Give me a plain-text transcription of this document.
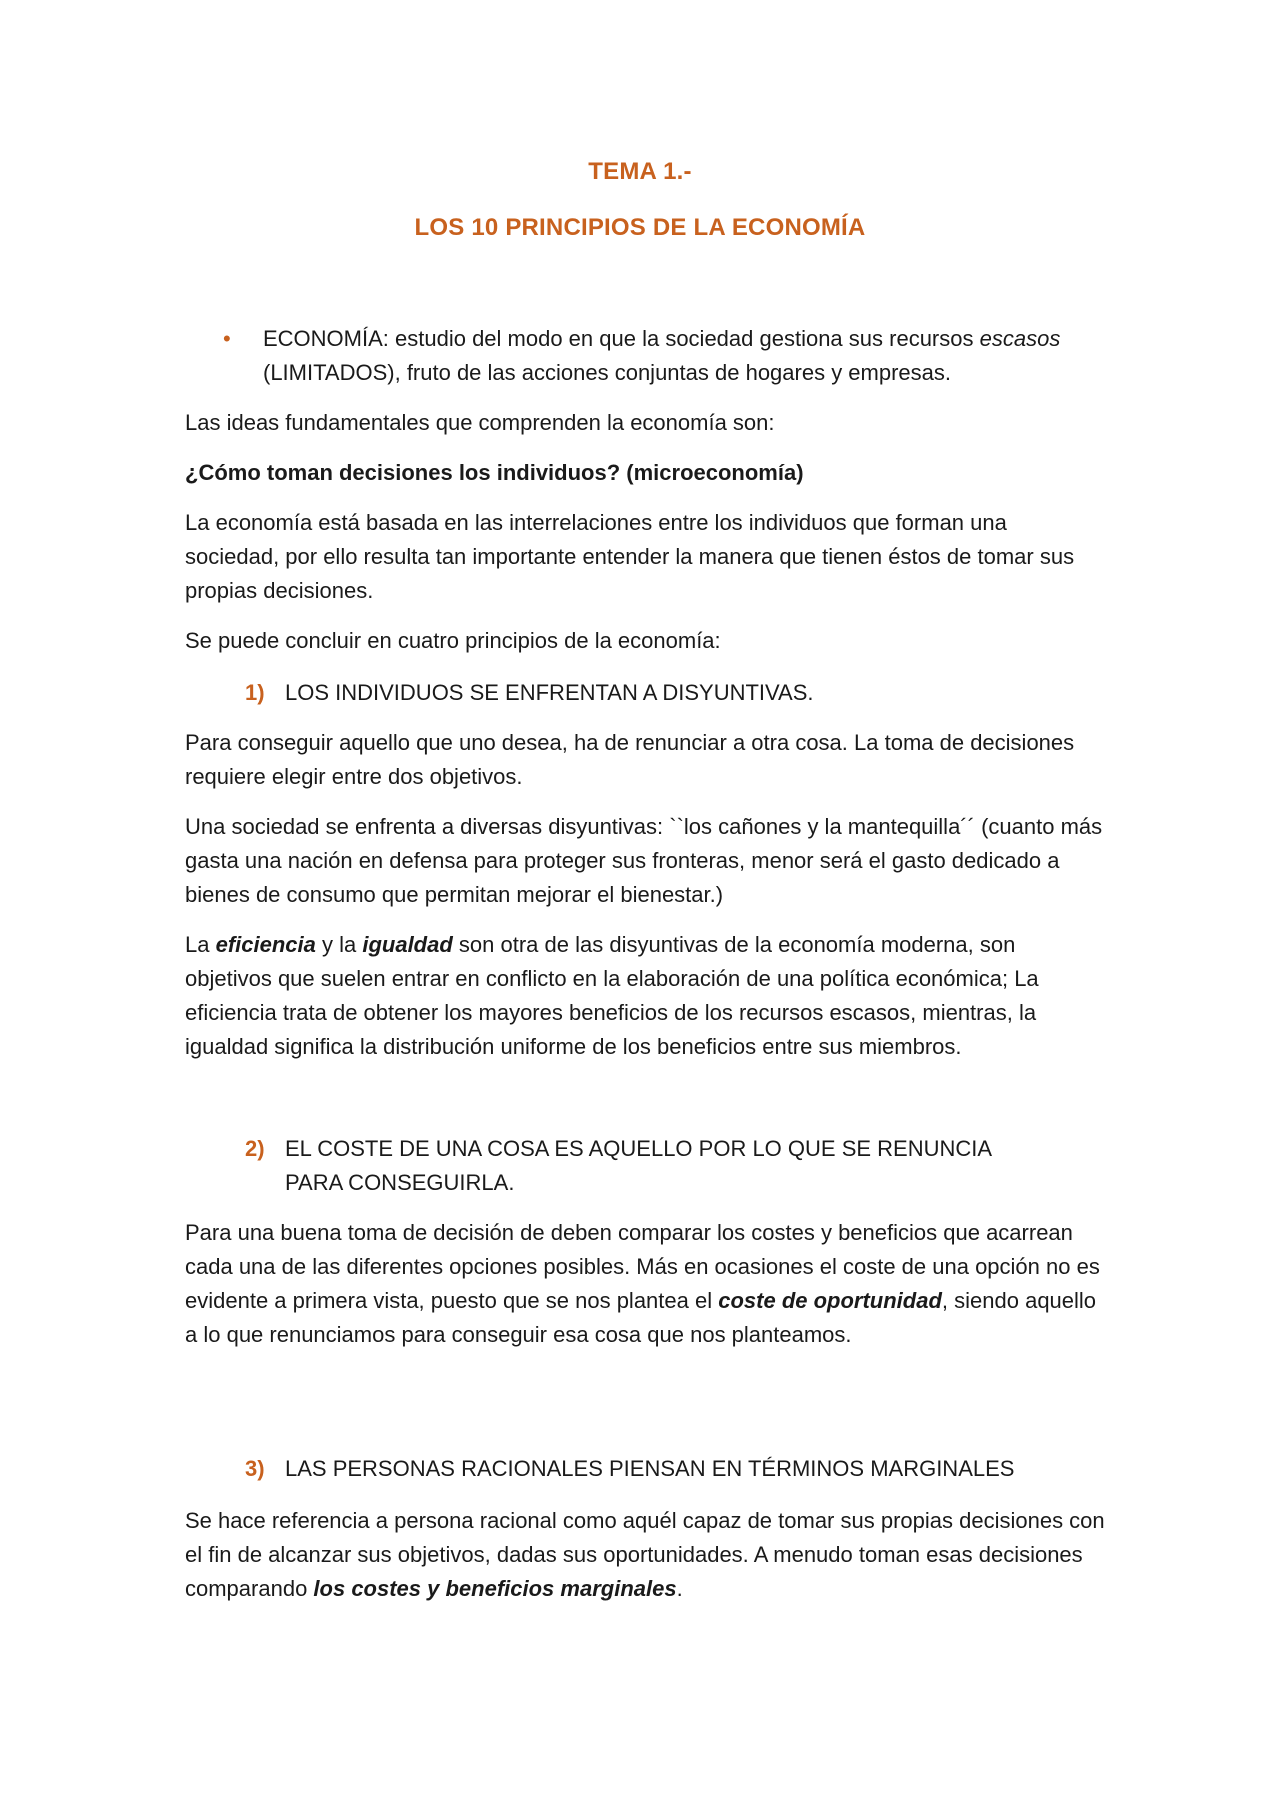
TEMA 1.-
LOS 10 PRINCIPIOS DE LA ECONOMÍA
• ECONOMÍA: estudio del modo en que la sociedad gestiona sus recursos escasos (LIMITADOS), fruto de las acciones conjuntas de hogares y empresas.

Las ideas fundamentales que comprenden la economía son:

¿Cómo toman decisiones los individuos? (microeconomía)

La economía está basada en las interrelaciones entre los individuos que forman una sociedad, por ello resulta tan importante entender la manera que tienen éstos de tomar sus propias decisiones.

Se puede concluir en cuatro principios de la economía:

1) LOS INDIVIDUOS SE ENFRENTAN A DISYUNTIVAS.

Para conseguir aquello que uno desea, ha de renunciar a otra cosa. La toma de decisiones requiere elegir entre dos objetivos.

Una sociedad se enfrenta a diversas disyuntivas: ``los cañones y la mantequilla´´ (cuanto más gasta una nación en defensa para proteger sus fronteras, menor será el gasto dedicado a bienes de consumo que permitan mejorar el bienestar.)

La eficiencia y la igualdad son otra de las disyuntivas de la economía moderna, son objetivos que suelen entrar en conflicto en la elaboración de una política económica; La eficiencia trata de obtener los mayores beneficios de los recursos escasos, mientras, la igualdad significa la distribución uniforme de los beneficios entre sus miembros.

2) EL COSTE DE UNA COSA ES AQUELLO POR LO QUE SE RENUNCIA PARA CONSEGUIRLA.

Para una buena toma de decisión de deben comparar los costes y beneficios que acarrean cada una de las diferentes opciones posibles. Más en ocasiones el coste de una opción no es evidente a primera vista, puesto que se nos plantea el coste de oportunidad, siendo aquello a lo que renunciamos para conseguir esa cosa que nos planteamos.

3) LAS PERSONAS RACIONALES PIENSAN EN TÉRMINOS MARGINALES

Se hace referencia a persona racional como aquél capaz de tomar sus propias decisiones con el fin de alcanzar sus objetivos, dadas sus oportunidades. A menudo toman esas decisiones comparando los costes y beneficios marginales.
